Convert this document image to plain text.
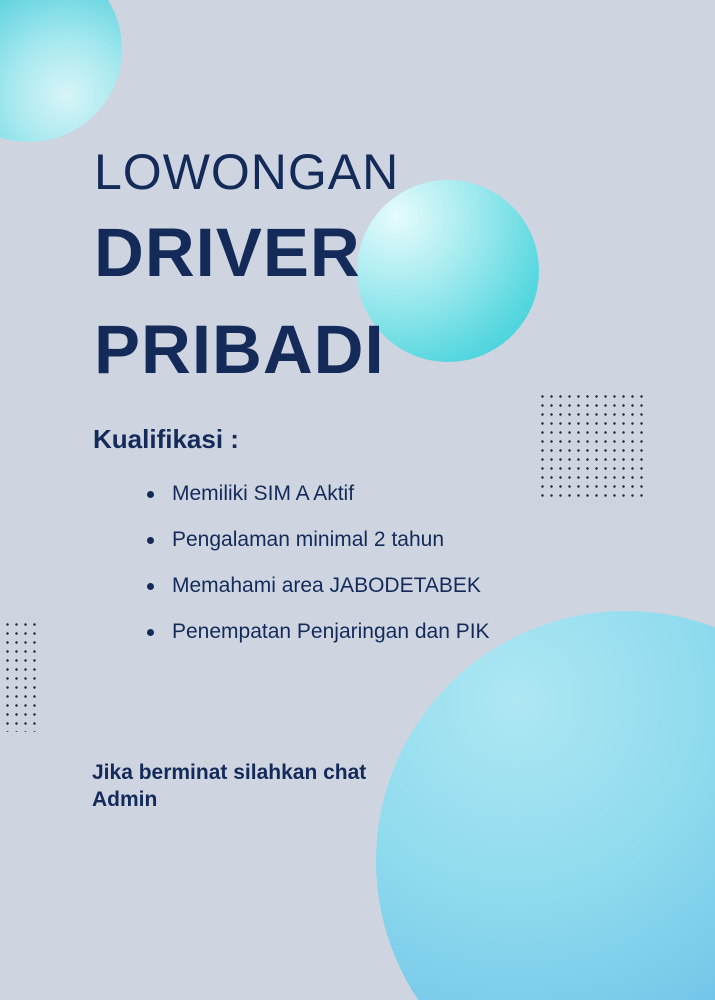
LOWONGAN
DRIVER
PRIBADI
Kualifikasi :
Memiliki SIM A Aktif
Pengalaman minimal 2 tahun
Memahami area JABODETABEK
Penempatan Penjaringan dan PIK

Jika berminat silahkan chat
Admin
